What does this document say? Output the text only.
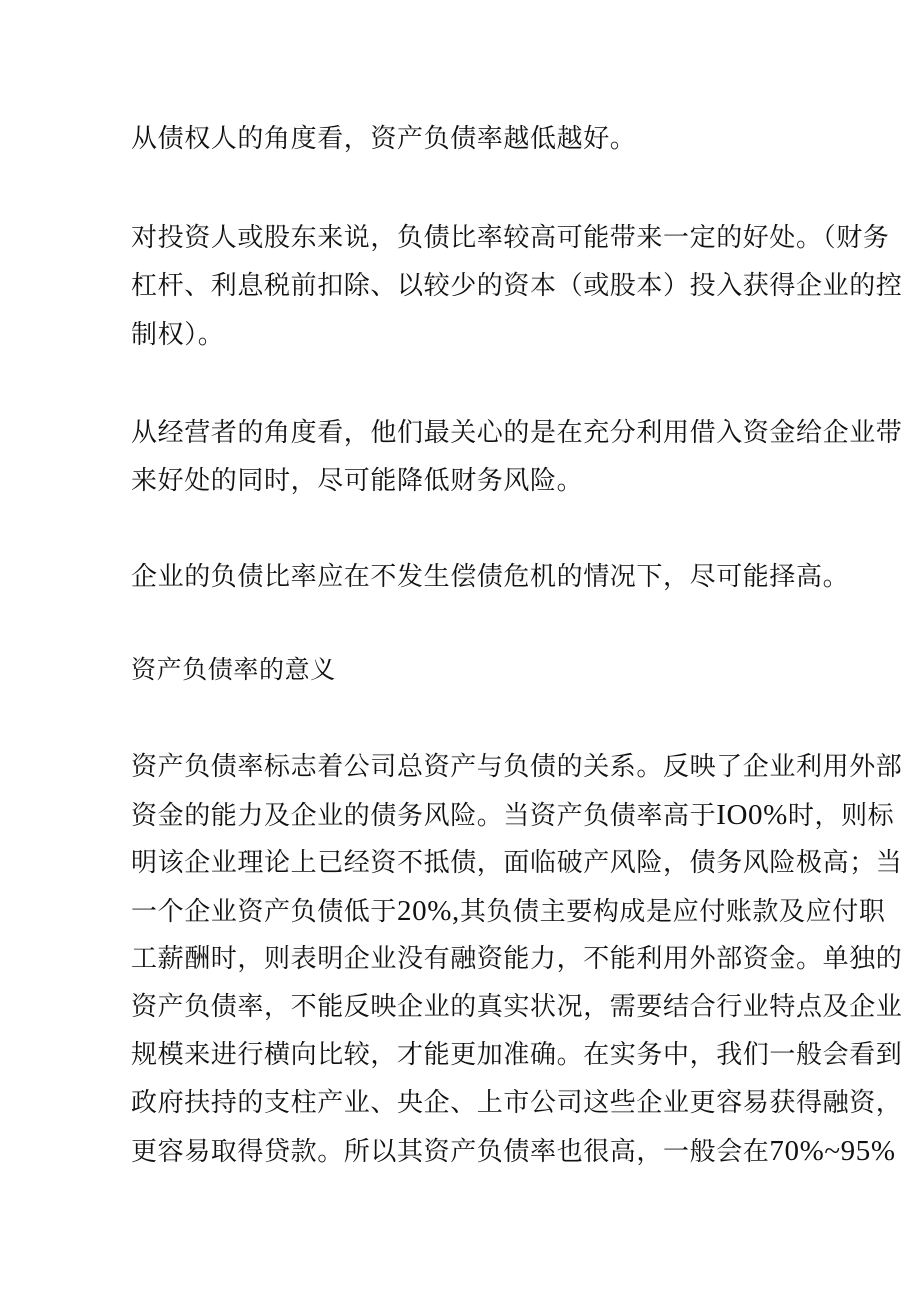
从债权人的角度看，资产负债率越低越好。
对投资人或股东来说，负债比率较高可能带来一定的好处。（财务
杠杆、利息税前扣除、以较少的资本（或股本）投入获得企业的控
制权）。
从经营者的角度看，他们最关心的是在充分利用借入资金给企业带
来好处的同时，尽可能降低财务风险。
企业的负债比率应在不发生偿债危机的情况下，尽可能择高。
资产负债率的意义
资产负债率标志着公司总资产与负债的关系。反映了企业利用外部
资金的能力及企业的债务风险。当资产负债率高于IO0%时，则标
明该企业理论上已经资不抵债，面临破产风险，债务风险极高；当
一个企业资产负债低于20%,其负债主要构成是应付账款及应付职
工薪酬时，则表明企业没有融资能力，不能利用外部资金。单独的
资产负债率，不能反映企业的真实状况，需要结合行业特点及企业
规模来进行横向比较，才能更加准确。在实务中，我们一般会看到
政府扶持的支柱产业、央企、上市公司这些企业更容易获得融资，
更容易取得贷款。所以其资产负债率也很高，一般会在70%~95%
